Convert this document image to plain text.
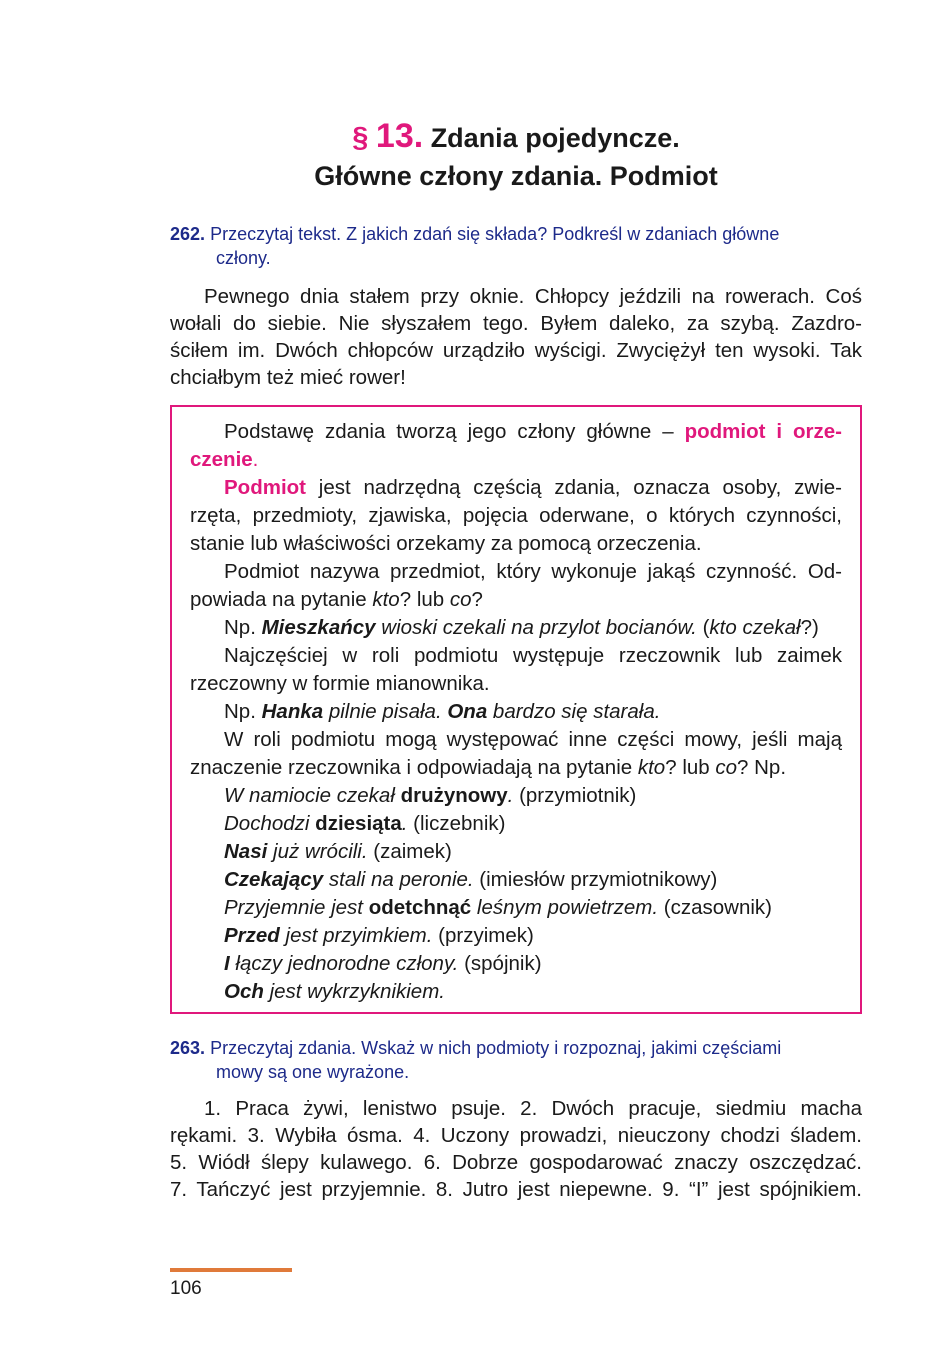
§ 13. Zdania pojedyncze.
Główne człony zdania. Podmiot
262. Przeczytaj tekst. Z jakich zdań się składa? Podkreśl w zdaniach główne
człony.
Pewnego dnia stałem przy oknie. Chłopcy jeździli na rowerach. Coś
wołali do siebie. Nie słyszałem tego. Byłem daleko, za szybą. Zazdro-
ściłem im. Dwóch chłopców urządziło wyścigi. Zwyciężył ten wysoki. Tak
chciałbym też mieć rower!
Podstawę zdania tworzą jego człony główne – podmiot i orze-
czenie.
Podmiot jest nadrzędną częścią zdania, oznacza osoby, zwie-
rzęta, przedmioty, zjawiska, pojęcia oderwane, o których czynności,
stanie lub właściwości orzekamy za pomocą orzeczenia.
Podmiot nazywa przedmiot, który wykonuje jakąś czynność. Od-
powiada na pytanie kto? lub co?
Np. Mieszkańcy wioski czekali na przylot bocianów. (kto czekał?)
Najczęściej w roli podmiotu występuje rzeczownik lub zaimek
rzeczowny w formie mianownika.
Np. Hanka pilnie pisała. Ona bardzo się starała.
W roli podmiotu mogą występować inne części mowy, jeśli mają
znaczenie rzeczownika i odpowiadają na pytanie kto? lub co? Np.
W namiocie czekał drużynowy. (przymiotnik)
Dochodzi dziesiąta. (liczebnik)
Nasi już wrócili. (zaimek)
Czekający stali na peronie. (imiesłów przymiotnikowy)
Przyjemnie jest odetchnąć leśnym powietrzem. (czasownik)
Przed jest przyimkiem. (przyimek)
I łączy jednorodne człony. (spójnik)
Och jest wykrzyknikiem.
263. Przeczytaj zdania. Wskaż w nich podmioty i rozpoznaj, jakimi częściami
mowy są one wyrażone.
1. Praca żywi, lenistwo psuje. 2. Dwóch pracuje, siedmiu macha
rękami. 3. Wybiła ósma. 4. Uczony prowadzi, nieuczony chodzi śladem.
5. Wiódł ślepy kulawego. 6. Dobrze gospodarować znaczy oszczędzać.
7. Tańczyć jest przyjemnie. 8. Jutro jest niepewne. 9. “I” jest spójnikiem.
106
